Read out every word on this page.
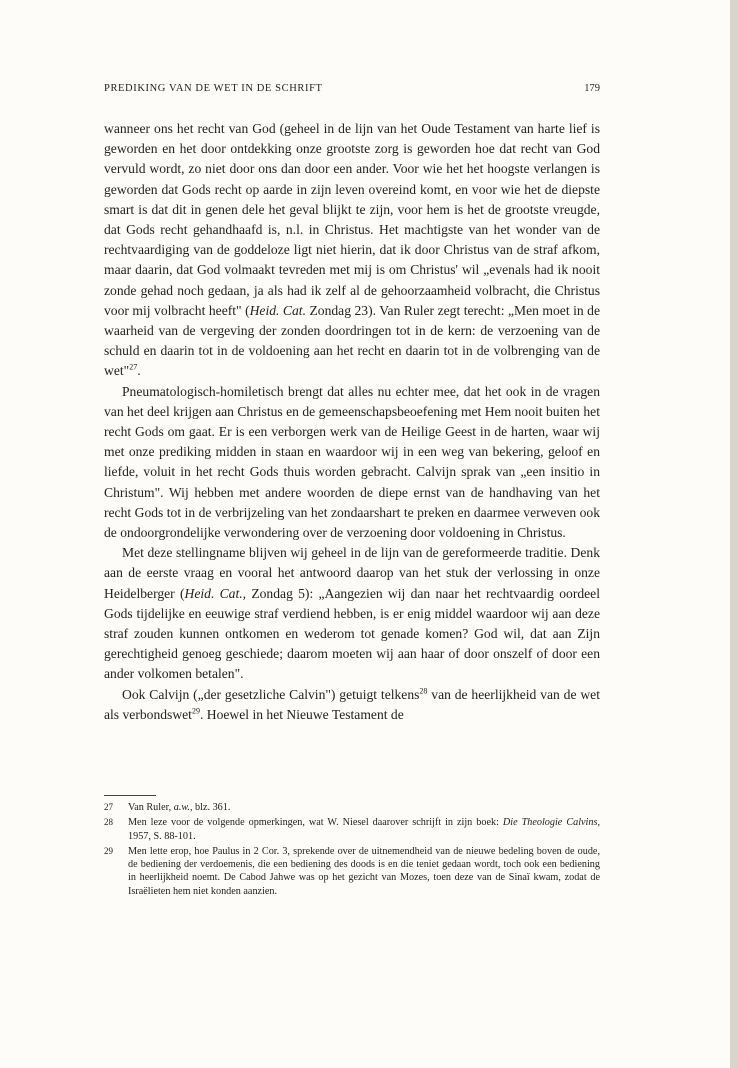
PREDIKING VAN DE WET IN DE SCHRIFT	179

wanneer ons het recht van God (geheel in de lijn van het Oude Testament van harte lief is geworden en het door ontdekking onze grootste zorg is geworden hoe dat recht van God vervuld wordt, zo niet door ons dan door een ander. Voor wie het het hoogste verlangen is geworden dat Gods recht op aarde in zijn leven overeind komt, en voor wie het de diepste smart is dat dit in genen dele het geval blijkt te zijn, voor hem is het de grootste vreugde, dat Gods recht gehandhaafd is, n.l. in Christus. Het machtigste van het wonder van de rechtvaardiging van de goddeloze ligt niet hierin, dat ik door Christus van de straf afkom, maar daarin, dat God volmaakt tevreden met mij is om Christus' wil „evenals had ik nooit zonde gehad noch gedaan, ja als had ik zelf al de gehoorzaamheid volbracht, die Christus voor mij volbracht heeft" (Heid. Cat. Zondag 23). Van Ruler zegt terecht: „Men moet in de waarheid van de vergeving der zonden doordringen tot in de kern: de verzoening van de schuld en daarin tot in de voldoening aan het recht en daarin tot in de volbrenging van de wet"$^{27}$.

Pneumatologisch-homiletisch brengt dat alles nu echter mee, dat het ook in de vragen van het deel krijgen aan Christus en de gemeenschapsbeoefening met Hem nooit buiten het recht Gods om gaat. Er is een verborgen werk van de Heilige Geest in de harten, waar wij met onze prediking midden in staan en waardoor wij in een weg van bekering, geloof en liefde, voluit in het recht Gods thuis worden gebracht. Calvijn sprak van „een insitio in Christum". Wij hebben met andere woorden de diepe ernst van de handhaving van het recht Gods tot in de verbrijzeling van het zondaarshart te preken en daarmee verweven ook de ondoorgrondelijke verwondering over de verzoening door voldoening in Christus.

Met deze stellingname blijven wij geheel in de lijn van de gereformeerde traditie. Denk aan de eerste vraag en vooral het antwoord daarop van het stuk der verlossing in onze Heidelberger (Heid. Cat., Zondag 5): „Aangezien wij dan naar het rechtvaardig oordeel Gods tijdelijke en eeuwige straf verdiend hebben, is er enig middel waardoor wij aan deze straf zouden kunnen ontkomen en wederom tot genade komen? God wil, dat aan Zijn gerechtigheid genoeg geschiede; daarom moeten wij aan haar of door onszelf of door een ander volkomen betalen".

Ook Calvijn („der gesetzliche Calvin") getuigt telkens$^{28}$ van de heerlijkheid van de wet als verbondswet$^{29}$. Hoewel in het Nieuwe Testament de

27	Van Ruler, a.w., blz. 361.
28	Men leze voor de volgende opmerkingen, wat W. Niesel daarover schrijft in zijn boek: Die Theologie Calvins, 1957, S. 88-101.
29	Men lette erop, hoe Paulus in 2 Cor. 3, sprekende over de uitnemendheid van de nieuwe bedeling boven de oude, de bediening der verdoemenis, die een bediening des doods is en die teniet gedaan wordt, toch ook een bediening in heerlijkheid noemt. De Cabod Jahwe was op het gezicht van Mozes, toen deze van de Sinaï kwam, zodat de Israëlieten hem niet konden aanzien.
